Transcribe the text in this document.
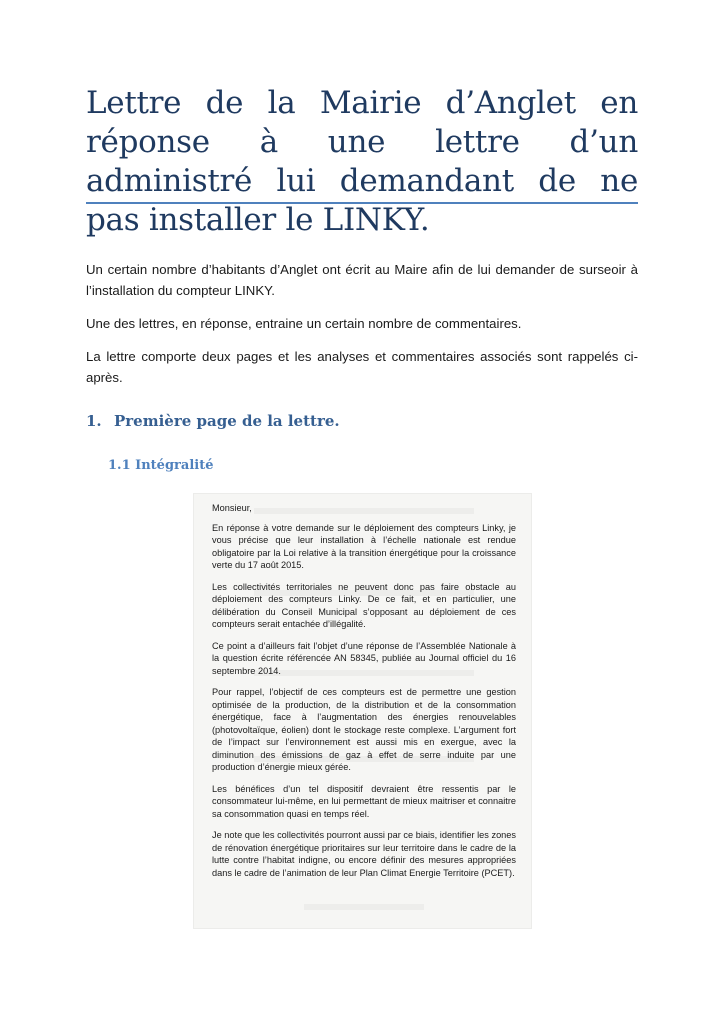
Lettre de la Mairie d’Anglet en réponse à une lettre d’un administré lui demandant de ne pas installer le LINKY.

Un certain nombre d’habitants d’Anglet ont écrit au Maire afin de lui demander de surseoir à l’installation du compteur LINKY.

Une des lettres, en réponse, entraine un certain nombre de commentaires.

La lettre comporte deux pages et les analyses et commentaires associés sont rappelés ci-après.

1. Première page de la lettre.
1.1 Intégralité

Monsieur,

En réponse à votre demande sur le déploiement des compteurs Linky, je vous précise que leur installation à l’échelle nationale est rendue obligatoire par la Loi relative à la transition énergétique pour la croissance verte du 17 août 2015.

Les collectivités territoriales ne peuvent donc pas faire obstacle au déploiement des compteurs Linky. De ce fait, et en particulier, une délibération du Conseil Municipal s’opposant au déploiement de ces compteurs serait entachée d’illégalité.

Ce point a d’ailleurs fait l’objet d’une réponse de l’Assemblée Nationale à la question écrite référencée AN 58345, publiée au Journal officiel du 16 septembre 2014.

Pour rappel, l’objectif de ces compteurs est de permettre une gestion optimisée de la production, de la distribution et de la consommation énergétique, face à l’augmentation des énergies renouvelables (photovoltaïque, éolien) dont le stockage reste complexe. L’argument fort de l’impact sur l’environnement est aussi mis en exergue, avec la diminution des émissions de gaz à effet de serre induite par une production d’énergie mieux gérée.

Les bénéfices d’un tel dispositif devraient être ressentis par le consommateur lui-même, en lui permettant de mieux maitriser et connaitre sa consommation quasi en temps réel.

Je note que les collectivités pourront aussi par ce biais, identifier les zones de rénovation énergétique prioritaires sur leur territoire dans le cadre de la lutte contre l’habitat indigne, ou encore définir des mesures appropriées dans le cadre de l’animation de leur Plan Climat Energie Territoire (PCET).
